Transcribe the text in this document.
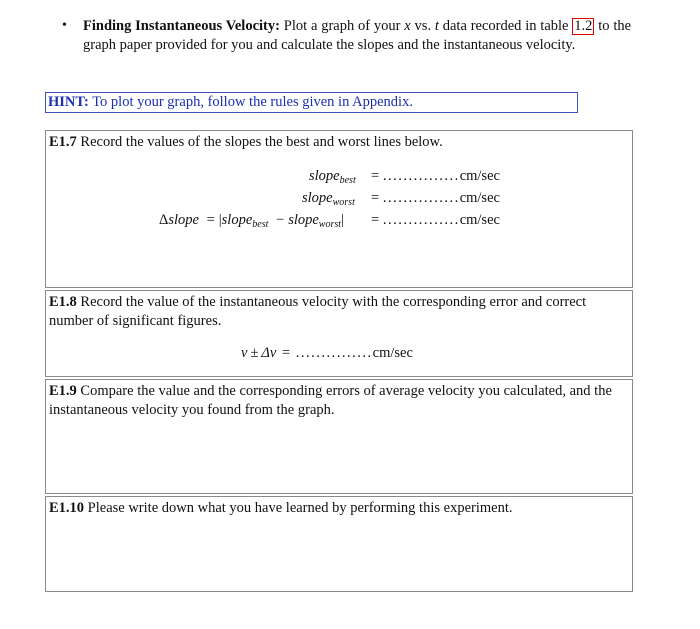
•	Finding Instantaneous Velocity: Plot a graph of your x vs. t data recorded in table 1.2 to the graph paper provided for you and calculate the slopes and the instantaneous velocity.
HINT: To plot your graph, follow the rules given in Appendix.
E1.7 Record the values of the slopes the best and worst lines below.
slope$_{best}$ = ...............cm/sec
slope$_{worst}$ = ...............cm/sec
Δslope = |slope$_{best}$ − slope$_{worst}$| = ...............cm/sec
E1.8 Record the value of the instantaneous velocity with the corresponding error and correct number of significant figures.
v ± Δv = ...............cm/sec
E1.9 Compare the value and the corresponding errors of average velocity you calculated, and the instantaneous velocity you found from the graph.
E1.10 Please write down what you have learned by performing this experiment.
